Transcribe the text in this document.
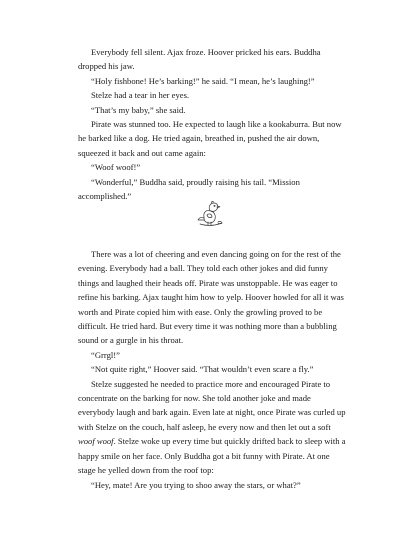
Everybody fell silent. Ajax froze. Hoover pricked his ears. Buddha dropped his jaw.

“Holy fishbone! He’s barking!” he said. “I mean, he’s laughing!”

Stelze had a tear in her eyes.

“That’s my baby,” she said.

Pirate was stunned too. He expected to laugh like a kookaburra. But now he barked like a dog. He tried again, breathed in, pushed the air down, squeezed it back and out came again:

“Woof woof!”

“Wonderful,” Buddha said, proudly raising his tail. “Mission accomplished.”

There was a lot of cheering and even dancing going on for the rest of the evening. Everybody had a ball. They told each other jokes and did funny things and laughed their heads off. Pirate was unstoppable. He was eager to refine his barking. Ajax taught him how to yelp. Hoover howled for all it was worth and Pirate copied him with ease. Only the growling proved to be difficult. He tried hard. But every time it was nothing more than a bubbling sound or a gurgle in his throat.

“Grrgl!”

“Not quite right,” Hoover said. “That wouldn’t even scare a fly.”

Stelze suggested he needed to practice more and encouraged Pirate to concentrate on the barking for now. She told another joke and made everybody laugh and bark again. Even late at night, once Pirate was curled up with Stelze on the couch, half asleep, he every now and then let out a soft woof woof. Stelze woke up every time but quickly drifted back to sleep with a happy smile on her face. Only Buddha got a bit funny with Pirate. At one stage he yelled down from the roof top:

“Hey, mate! Are you trying to shoo away the stars, or what?”
